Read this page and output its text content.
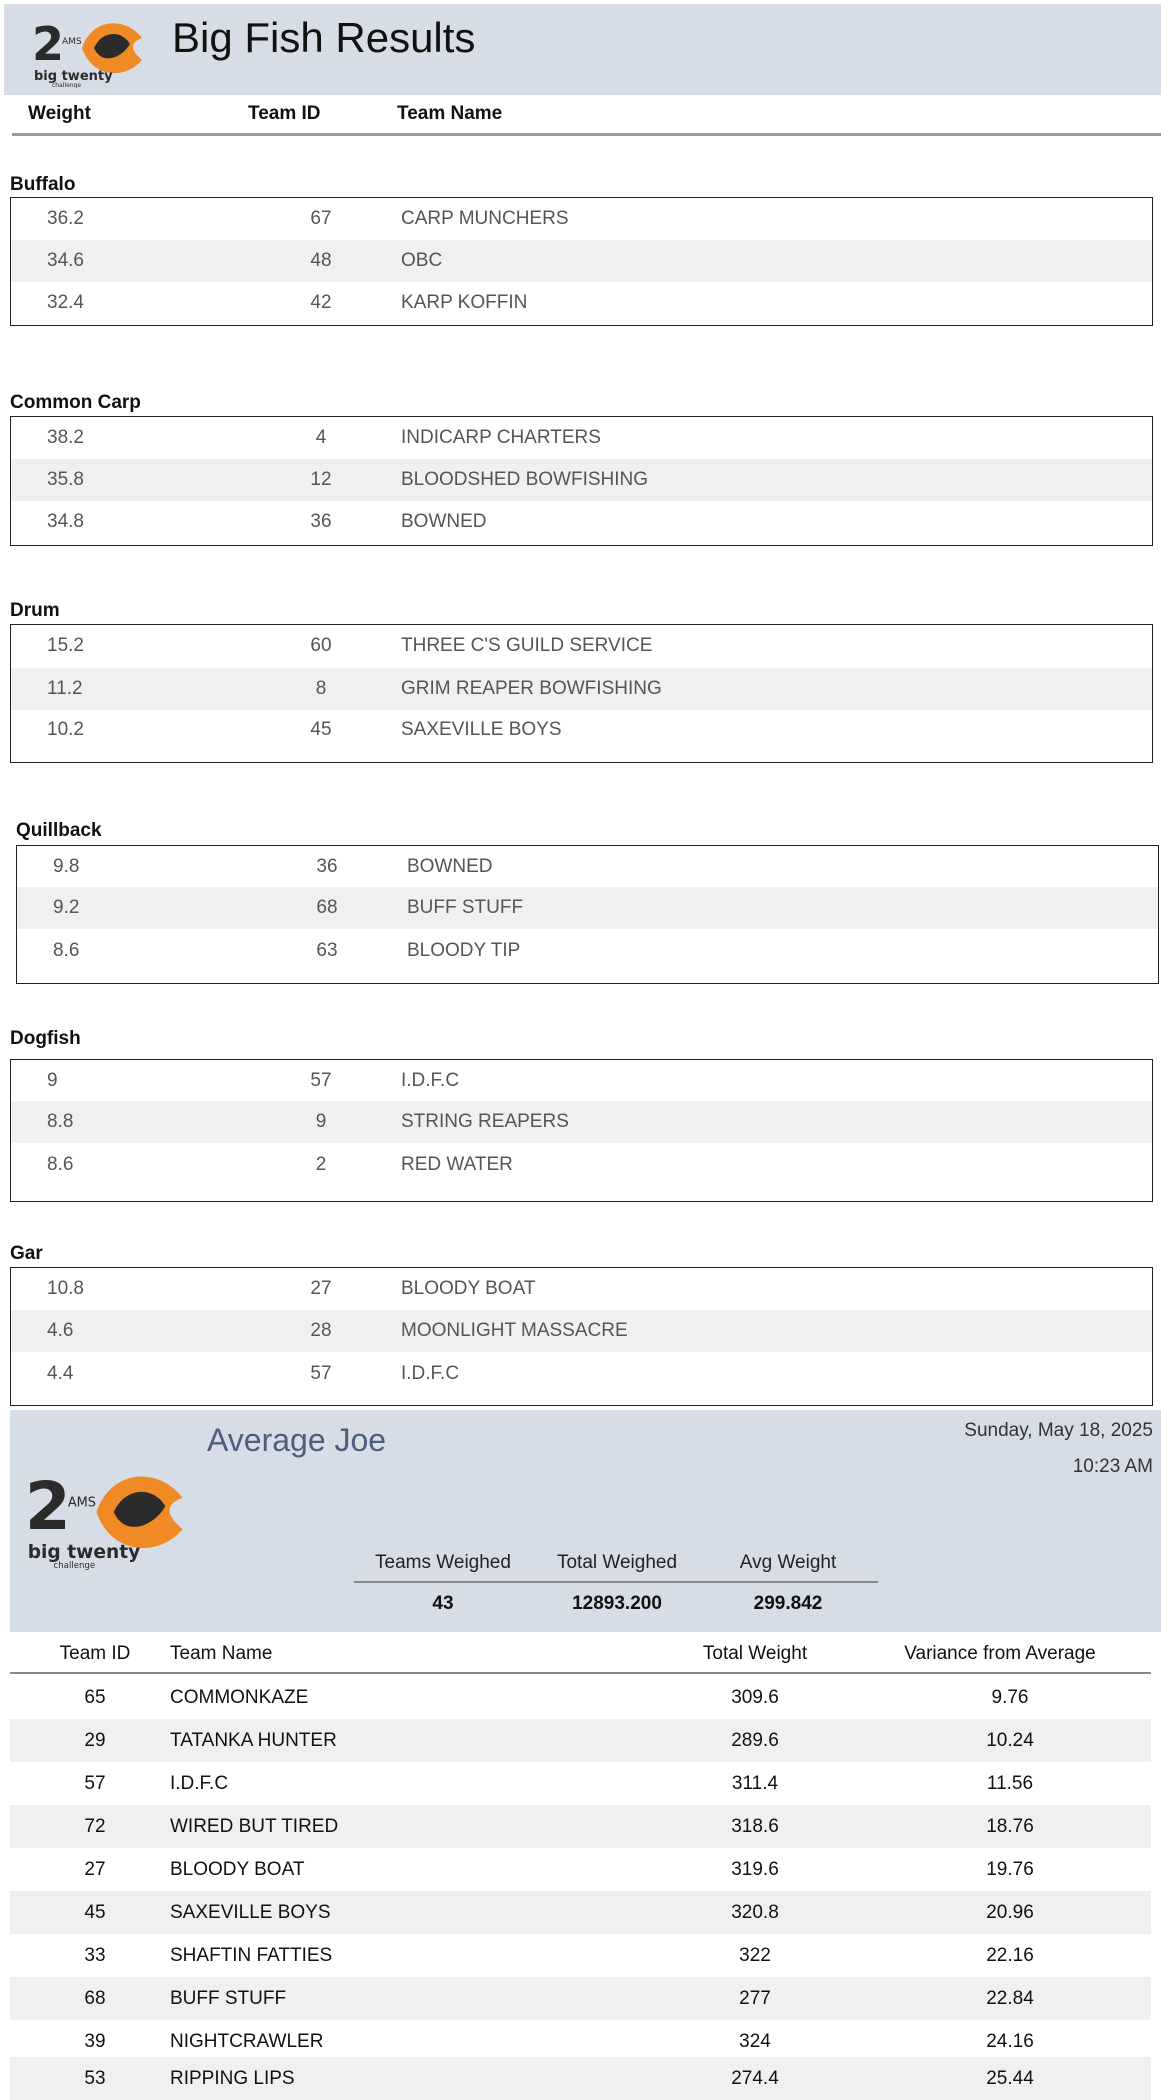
2
AMS
big twenty
challenge
Big Fish Results
Weight	Team ID	Team Name
Buffalo
36.2	67	CARP MUNCHERS
34.6	48	OBC
32.4	42	KARP KOFFIN
Common Carp
38.2	4	INDICARP CHARTERS
35.8	12	BLOODSHED BOWFISHING
34.8	36	BOWNED
Drum
15.2	60	THREE C'S GUILD SERVICE
11.2	8	GRIM REAPER BOWFISHING
10.2	45	SAXEVILLE BOYS
Quillback
9.8	36	BOWNED
9.2	68	BUFF STUFF
8.6	63	BLOODY TIP
Dogfish
9	57	I.D.F.C
8.8	9	STRING REAPERS
8.6	2	RED WATER
Gar
10.8	27	BLOODY BOAT
4.6	28	MOONLIGHT MASSACRE
4.4	57	I.D.F.C
2
AMS
big twenty
challenge
Average Joe	Sunday, May 18, 2025
10:23 AM
Teams Weighed	Total Weighed	Avg Weight
43	12893.200	299.842
Team ID	Team Name	Total Weight	Variance from Average
65	COMMONKAZE	309.6	9.76
29	TATANKA HUNTER	289.6	10.24
57	I.D.F.C	311.4	11.56
72	WIRED BUT TIRED	318.6	18.76
27	BLOODY BOAT	319.6	19.76
45	SAXEVILLE BOYS	320.8	20.96
33	SHAFTIN FATTIES	322	22.16
68	BUFF STUFF	277	22.84
39	NIGHTCRAWLER	324	24.16
53	RIPPING LIPS	274.4	25.44
